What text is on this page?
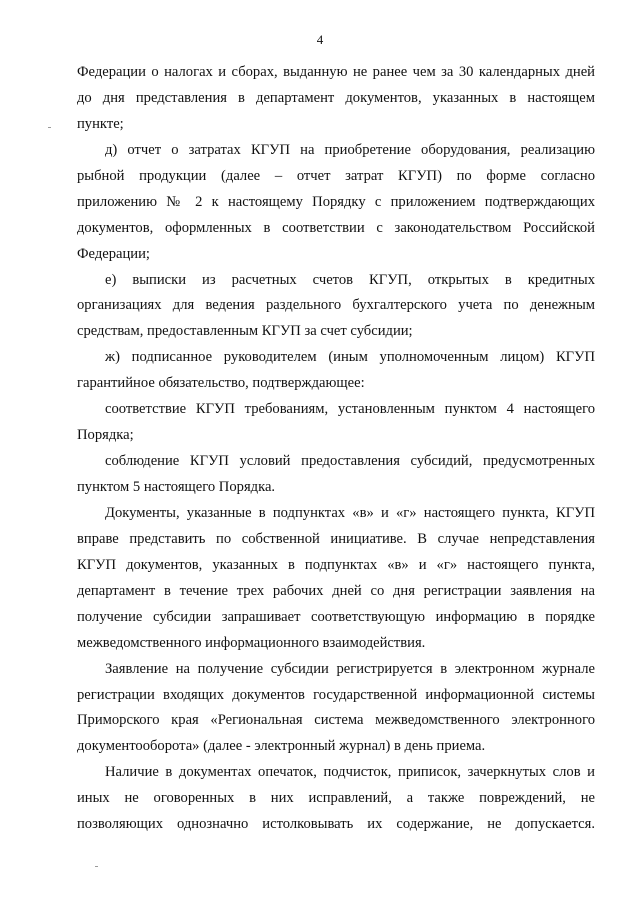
4
Федерации о налогах и сборах, выданную не ранее чем за 30 календарных дней
до дня представления в департамент документов, указанных в настоящем
пункте;
д) отчет о затратах КГУП на приобретение оборудования, реализацию
рыбной продукции (далее – отчет затрат КГУП) по форме согласно
приложению № 2 к настоящему Порядку с приложением подтверждающих
документов, оформленных в соответствии с законодательством Российской
Федерации;
е) выписки из расчетных счетов КГУП, открытых в кредитных
организациях для ведения раздельного бухгалтерского учета по денежным
средствам, предоставленным КГУП за счет субсидии;
ж) подписанное руководителем (иным уполномоченным лицом) КГУП
гарантийное обязательство, подтверждающее:
соответствие КГУП требованиям, установленным пунктом 4 настоящего
Порядка;
соблюдение КГУП условий предоставления субсидий, предусмотренных
пунктом 5 настоящего Порядка.
Документы, указанные в подпунктах «в» и «г» настоящего пункта, КГУП
вправе представить по собственной инициативе. В случае непредставления
КГУП документов, указанных в подпунктах «в» и «г» настоящего пункта,
департамент в течение трех рабочих дней со дня регистрации заявления на
получение субсидии запрашивает соответствующую информацию в порядке
межведомственного информационного взаимодействия.
Заявление на получение субсидии регистрируется в электронном журнале
регистрации входящих документов государственной информационной системы
Приморского края «Региональная система межведомственного электронного
документооборота» (далее - электронный журнал) в день приема.
Наличие в документах опечаток, подчисток, приписок, зачеркнутых слов и
иных не оговоренных в них исправлений, а также повреждений, не
позволяющих однозначно истолковывать их содержание, не допускается.
